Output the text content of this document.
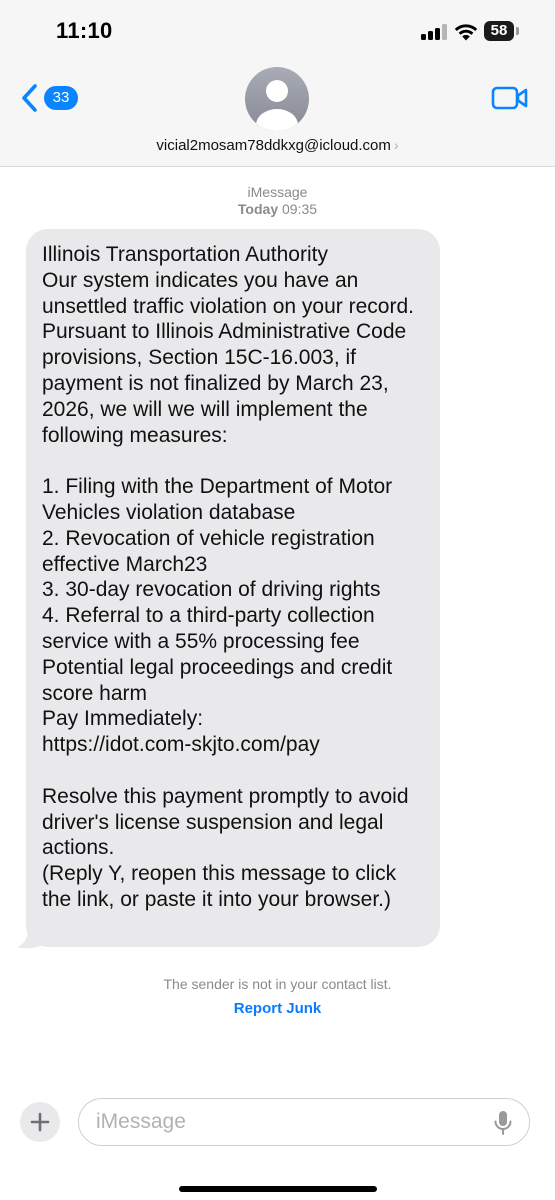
11:10	58
33
vicial2mosam78ddkxg@icloud.com ›
iMessage
Today 09:35

Illinois Transportation Authority
Our system indicates you have an unsettled traffic violation on your record.
Pursuant to Illinois Administrative Code provisions, Section 15C-16.003, if payment is not finalized by March 23, 2026, we will we will implement the following measures:

1. Filing with the Department of Motor Vehicles violation database
2. Revocation of vehicle registration effective March23
3. 30-day revocation of driving rights
4. Referral to a third-party collection service with a 55% processing fee
Potential legal proceedings and credit score harm
Pay Immediately:
https://idot.com-skjto.com/pay

Resolve this payment promptly to avoid driver's license suspension and legal actions.
(Reply Y, reopen this message to click the link, or paste it into your browser.)

The sender is not in your contact list.
Report Junk
iMessage
